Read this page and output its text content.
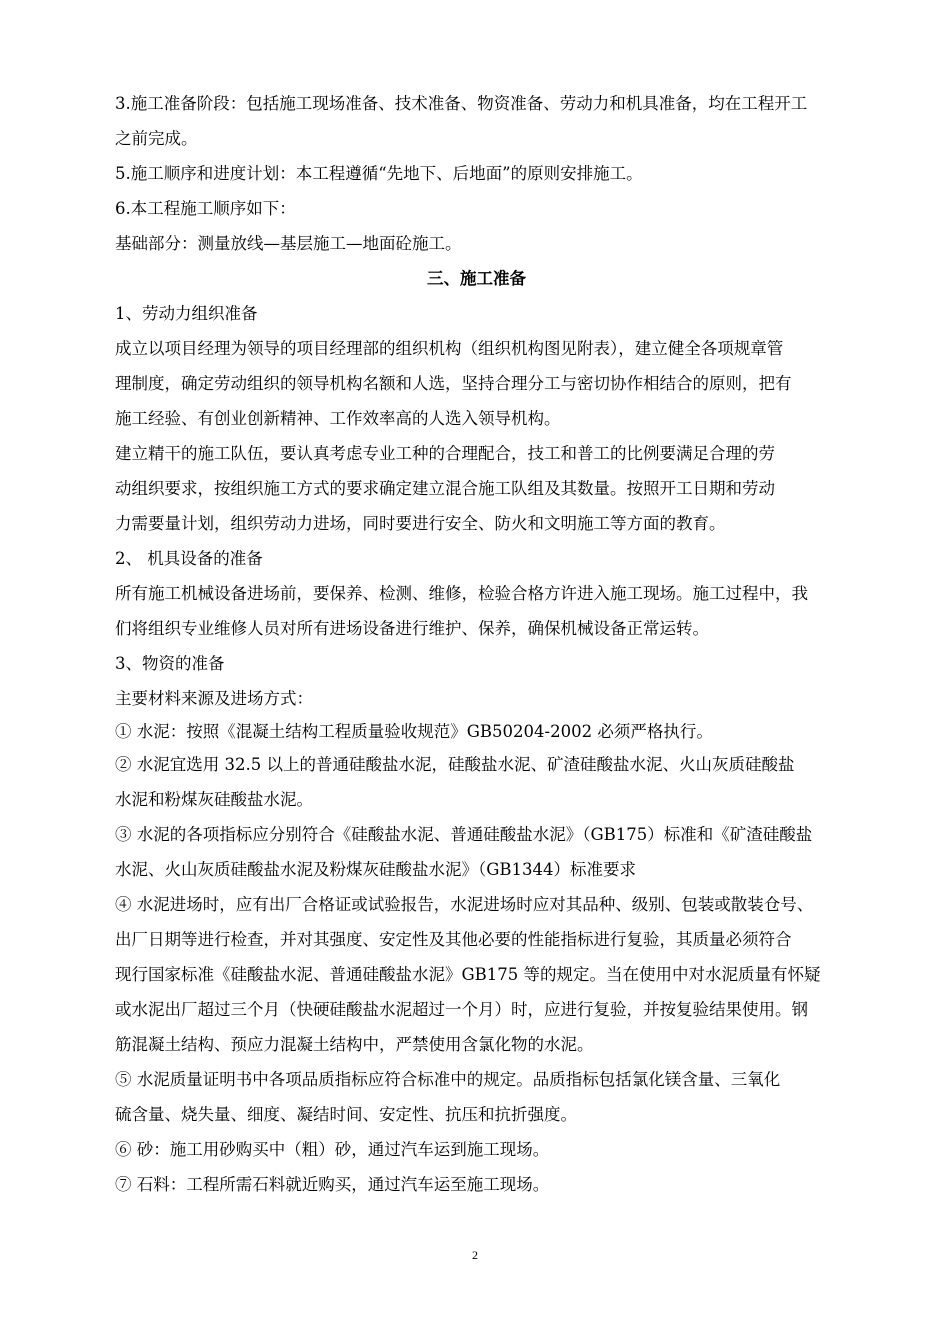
3.施工准备阶段：包括施工现场准备、技术准备、物资准备、劳动力和机具准备，均在工程开工
之前完成。
5.施工顺序和进度计划：本工程遵循“先地下、后地面”的原则安排施工。
6.本工程施工顺序如下：
基础部分：测量放线—基层施工—地面砼施工。
三、施工准备
1、劳动力组织准备
成立以项目经理为领导的项目经理部的组织机构（组织机构图见附表），建立健全各项规章管
理制度，确定劳动组织的领导机构名额和人选，坚持合理分工与密切协作相结合的原则，把有
施工经验、有创业创新精神、工作效率高的人选入领导机构。
建立精干的施工队伍，要认真考虑专业工种的合理配合，技工和普工的比例要满足合理的劳
动组织要求，按组织施工方式的要求确定建立混合施工队组及其数量。按照开工日期和劳动
力需要量计划，组织劳动力进场，同时要进行安全、防火和文明施工等方面的教育。
2、 机具设备的准备
所有施工机械设备进场前，要保养、检测、维修，检验合格方许进入施工现场。施工过程中，我
们将组织专业维修人员对所有进场设备进行维护、保养，确保机械设备正常运转。
3、物资的准备
主要材料来源及进场方式：
① 水泥：按照《混凝土结构工程质量验收规范》GB50204-2002 必须严格执行。
② 水泥宜选用 32.5 以上的普通硅酸盐水泥，硅酸盐水泥、矿渣硅酸盐水泥、火山灰质硅酸盐
水泥和粉煤灰硅酸盐水泥。
③ 水泥的各项指标应分别符合《硅酸盐水泥、普通硅酸盐水泥》（GB175）标准和《矿渣硅酸盐
水泥、火山灰质硅酸盐水泥及粉煤灰硅酸盐水泥》（GB1344）标准要求
④ 水泥进场时，应有出厂合格证或试验报告，水泥进场时应对其品种、级别、包装或散装仓号、
出厂日期等进行检查，并对其强度、安定性及其他必要的性能指标进行复验，其质量必须符合
现行国家标准《硅酸盐水泥、普通硅酸盐水泥》GB175 等的规定。当在使用中对水泥质量有怀疑
或水泥出厂超过三个月（快硬硅酸盐水泥超过一个月）时，应进行复验，并按复验结果使用。钢
筋混凝土结构、预应力混凝土结构中，严禁使用含氯化物的水泥。
⑤ 水泥质量证明书中各项品质指标应符合标准中的规定。品质指标包括氯化镁含量、三氧化
硫含量、烧失量、细度、凝结时间、安定性、抗压和抗折强度。
⑥ 砂：施工用砂购买中（粗）砂，通过汽车运到施工现场。
⑦ 石料：工程所需石料就近购买，通过汽车运至施工现场。
2
